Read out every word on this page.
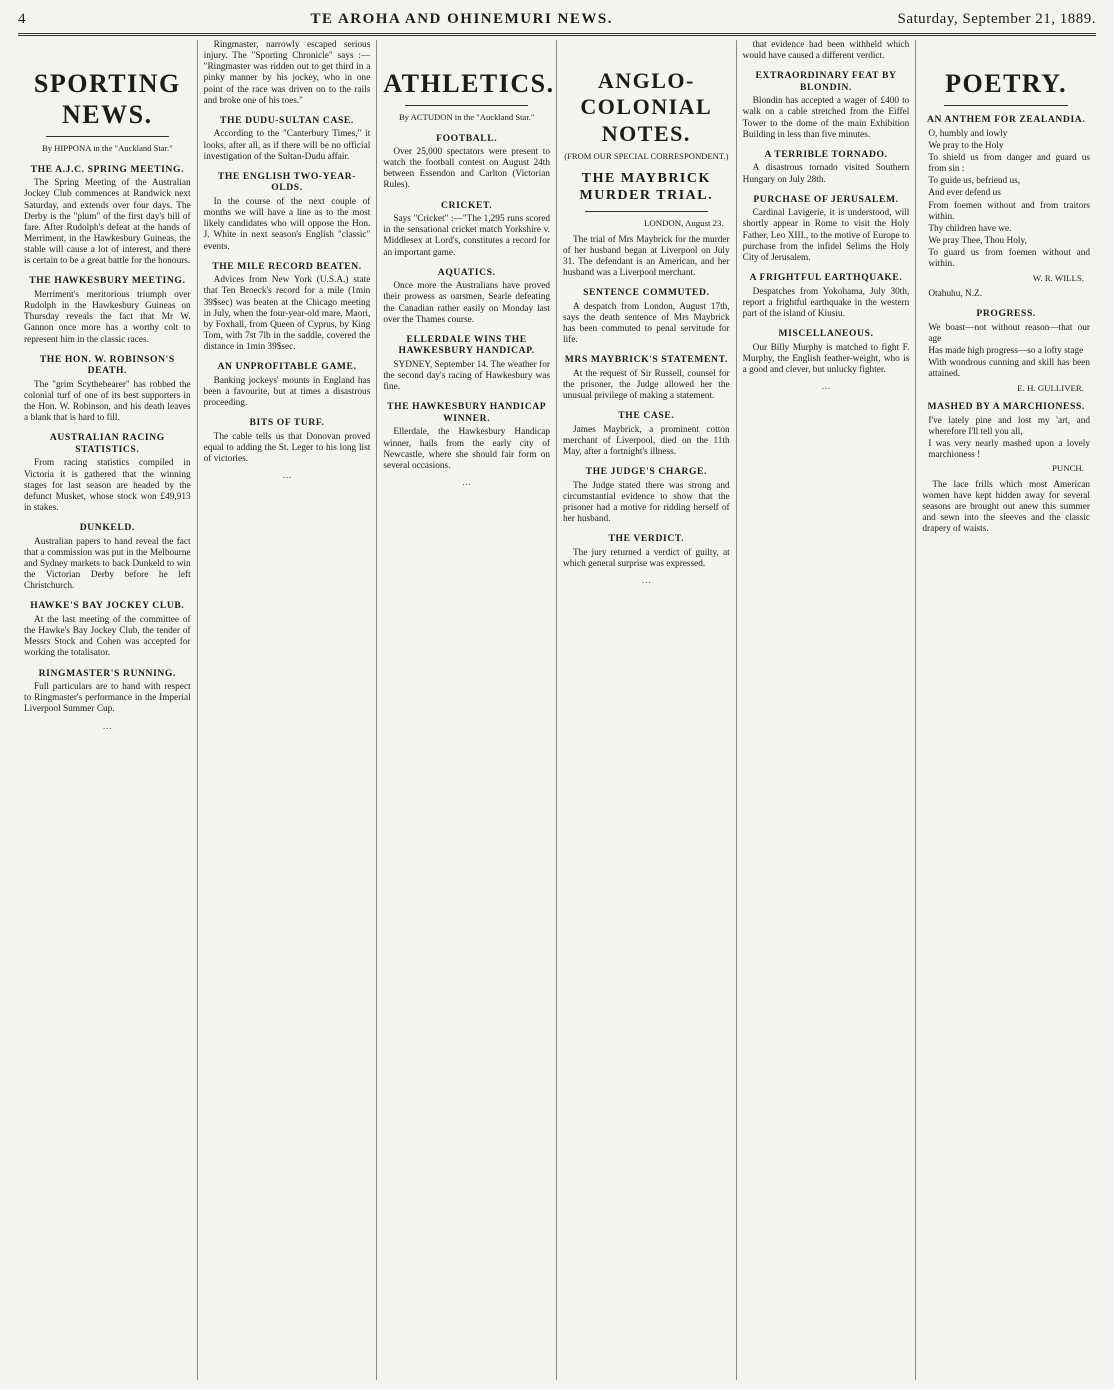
4	TE AROHA AND OHINEMURI NEWS.	Saturday, September 21, 1889.
SPORTING NEWS.
By HIPPONA in the "Auckland Star."
THE A.J.C. SPRING MEETING.

The Spring Meeting of the Australian Jockey Club commences at Randwick next Saturday, and extends over four days. The Derby is the "plum" of the first day's bill of fare. After Rudolph's defeat at the hands of Merriment, in the Hawkesbury Guineas, the stable will cause a lot of interest, and there is certain to be a great battle for the honours.

THE HAWKESBURY MEETING.

Merriment's meritorious triumph over Rudolph in the Hawkesbury Guineas on Thursday reveals the fact that Mr W. Gannon once more has a worthy colt to represent him in the classic races.

THE HON. W. ROBINSON'S DEATH.

The "grim Scythebearer" has robbed the colonial turf of one of its best supporters in the Hon. W. Robinson, and his death leaves a blank that is hard to fill.

AUSTRALIAN RACING STATISTICS.

From racing statistics compiled in Victoria it is gathered that the winning stages for last season are headed by the defunct Musket, whose stock won £49,913 in stakes.

DUNKELD.

Australian papers to hand reveal the fact that a commission was put in the Melbourne and Sydney markets to back Dunkeld to win the Victorian Derby before he left Christchurch.

HAWKE'S BAY JOCKEY CLUB.

At the last meeting of the committee of the Hawke's Bay Jockey Club, the tender of Messrs Stock and Cohen was accepted for working the totalisator.

RINGMASTER'S RUNNING.

Full particulars are to hand with respect to Ringmaster's performance in the Imperial Liverpool Summer Cup.

…

Ringmaster, narrowly escaped serious injury. The "Sporting Chronicle" says :— "Ringmaster was ridden out to get third in a pinky manner by his jockey, who in one point of the race was driven on to the rails and broke one of his toes."

THE DUDU-SULTAN CASE.

According to the "Canterbury Times," it looks, after all, as if there will be no official investigation of the Sultan-Dudu affair.

THE ENGLISH TWO-YEAR-OLDS.

In the course of the next couple of months we will have a line as to the most likely candidates who will oppose the Hon. J. White in next season's English "classic" events.

THE MILE RECORD BEATEN.

Advices from New York (U.S.A.) state that Ten Broeck's record for a mile (1min 39$sec) was beaten at the Chicago meeting in July, when the four-year-old mare, Maori, by Foxhall, from Queen of Cyprus, by King Tom, with 7st 7lb in the saddle, covered the distance in 1min 39$sec.

AN UNPROFITABLE GAME.

Banking jockeys' mounts in England has been a favourite, but at times a disastrous proceeding.

BITS OF TURF.

The cable tells us that Donovan proved equal to adding the St. Leger to his long list of victories.

…

ATHLETICS.
By ACTUDON in the "Auckland Star."
FOOTBALL.

Over 25,000 spectators were present to watch the football contest on August 24th between Essendon and Carlton (Victorian Rules).

CRICKET.

Says "Cricket" :—"The 1,295 runs scored in the sensational cricket match Yorkshire v. Middlesex at Lord's, constitutes a record for an important game.

AQUATICS.

Once more the Australians have proved their prowess as oarsmen, Searle defeating the Canadian rather easily on Monday last over the Thames course.

ELLERDALE WINS THE HAWKESBURY HANDICAP.

SYDNEY, September 14. The weather for the second day's racing of Hawkesbury was fine.

THE HAWKESBURY HANDICAP WINNER.

Ellerdale, the Hawkesbury Handicap winner, hails from the early city of Newcastle, where she should fair form on several occasions.

…

ANGLO-COLONIAL NOTES.
(FROM OUR SPECIAL CORRESPONDENT.)
THE MAYBRICK MURDER TRIAL.
LONDON, August 23.

The trial of Mrs Maybrick for the murder of her husband began at Liverpool on July 31. The defendant is an American, and her husband was a Liverpool merchant.

SENTENCE COMMUTED.

A despatch from London, August 17th, says the death sentence of Mrs Maybrick has been commuted to penal servitude for life.

MRS MAYBRICK'S STATEMENT.

At the request of Sir Russell, counsel for the prisoner, the Judge allowed her the unusual privilege of making a statement.

THE CASE.

James Maybrick, a prominent cotton merchant of Liverpool, died on the 11th May, after a fortnight's illness.

THE JUDGE'S CHARGE.

The Judge stated there was strong and circumstantial evidence to show that the prisoner had a motive for ridding herself of her husband.

THE VERDICT.

The jury returned a verdict of guilty, at which general surprise was expressed.

…

that evidence had been withheld which would have caused a different verdict.

EXTRAORDINARY FEAT BY BLONDIN.

Blondin has accepted a wager of £400 to walk on a cable stretched from the Eiffel Tower to the dome of the main Exhibition Building in less than five minutes.

A TERRIBLE TORNADO.

A disastrous tornado visited Southern Hungary on July 28th.

PURCHASE OF JERUSALEM.

Cardinal Lavigerie, it is understood, will shortly appear in Rome to visit the Holy Father, Leo XIII., to the motive of Europe to purchase from the infidel Selims the Holy City of Jerusalem.

A FRIGHTFUL EARTHQUAKE.

Despatches from Yokohama, July 30th, report a frightful earthquake in the western part of the island of Kiusiu.

MISCELLANEOUS.

Our Billy Murphy is matched to fight F. Murphy, the English feather-weight, who is a good and clever, but unlucky fighter.

…

POETRY.
AN ANTHEM FOR ZEALANDIA.

O, humbly and lowly

We pray to the Holy

To shield us from danger and guard us from sin :

To guide us, befriend us,

And ever defend us

From foemen without and from traitors within.

Thy children have we.

We pray Thee, Thou Holy,

To guard us from foemen without and within.

W. R. WILLS.

Otahuhu, N.Z.

PROGRESS.

We boast—not without reason—that our age

Has made high progress—so a lofty stage

With wondrous cunning and skill has been attained.

E. H. GULLIVER.
MASHED BY A MARCHIONESS.

I've lately pine and lost my 'art, and wherefore I'll tell you all,

I was very nearly mashed upon a lovely marchioness !

PUNCH.

The lace frills which most American women have kept hidden away for several seasons are brought out anew this summer and sewn into the sleeves and the classic drapery of waists.
